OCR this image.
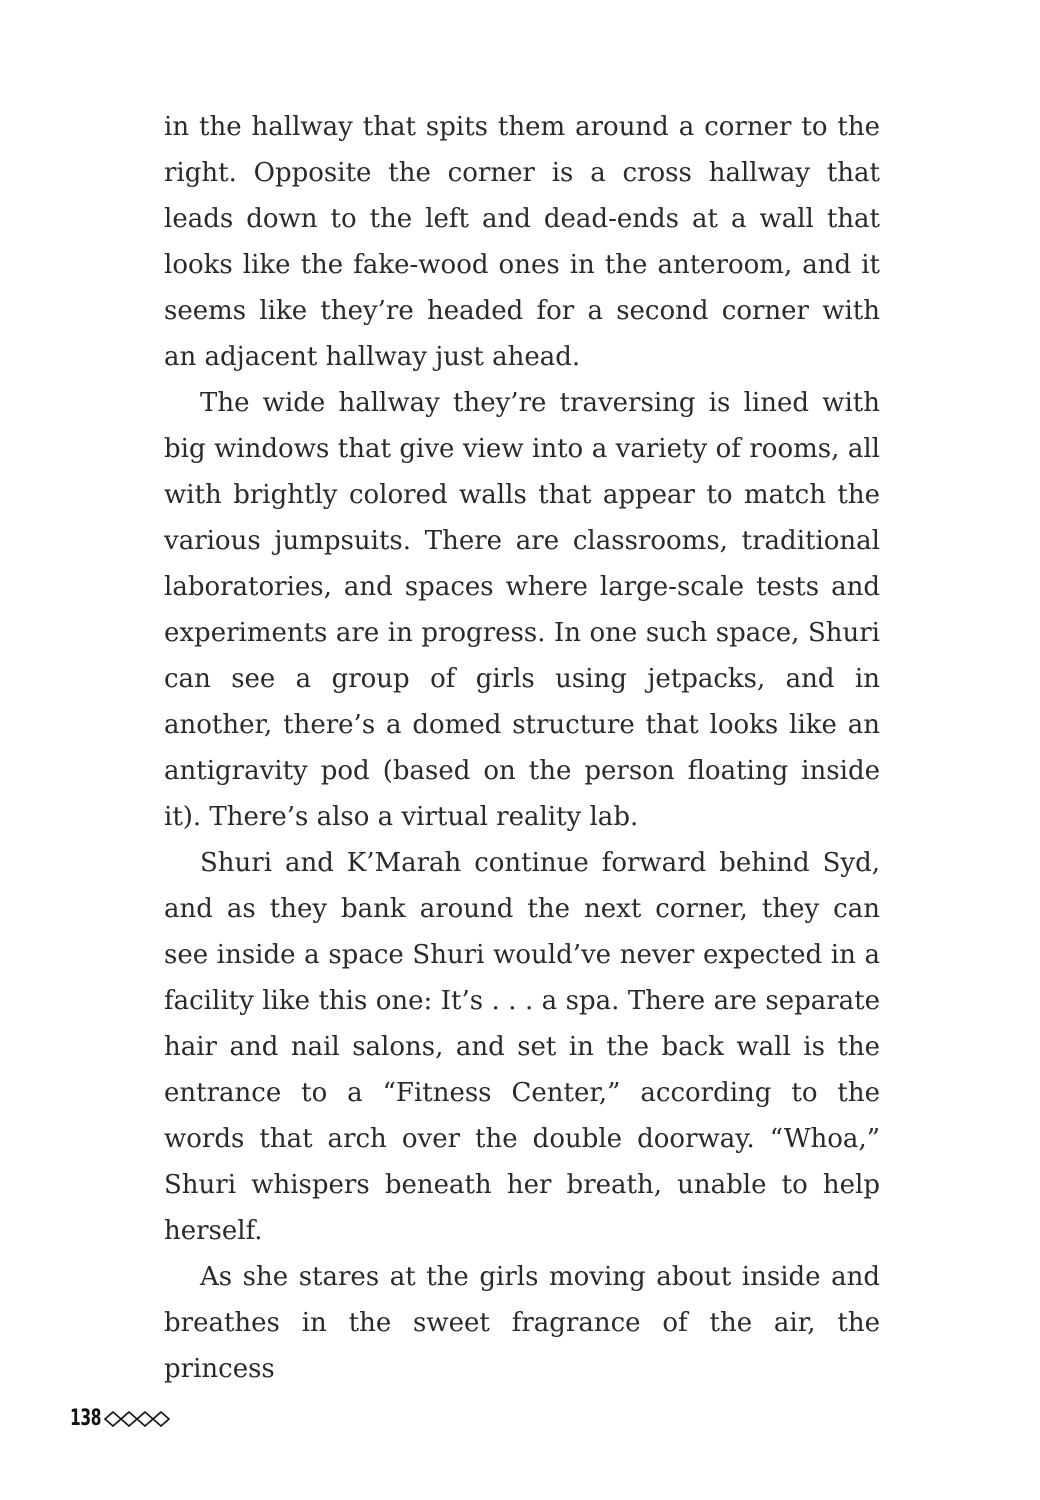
in the hallway that spits them around a corner to the right. Opposite the corner is a cross hallway that leads down to the left and dead-ends at a wall that looks like the fake-wood ones in the anteroom, and it seems like they’re headed for a second corner with an adjacent hallway just ahead.

The wide hallway they’re traversing is lined with big windows that give view into a variety of rooms, all with brightly colored walls that appear to match the various jumpsuits. There are classrooms, traditional laboratories, and spaces where large-scale tests and experiments are in progress. In one such space, Shuri can see a group of girls using jetpacks, and in another, there’s a domed structure that looks like an antigravity pod (based on the person floating inside it). There’s also a virtual reality lab.

Shuri and K’Marah continue forward behind Syd, and as they bank around the next corner, they can see inside a space Shuri would’ve never expected in a facility like this one: It’s . . . a spa. There are separate hair and nail salons, and set in the back wall is the entrance to a “Fitness Center,” according to the words that arch over the double doorway. “Whoa,” Shuri whispers beneath her breath, unable to help herself.

As she stares at the girls moving about inside and breathes in the sweet fragrance of the air, the princess

138
